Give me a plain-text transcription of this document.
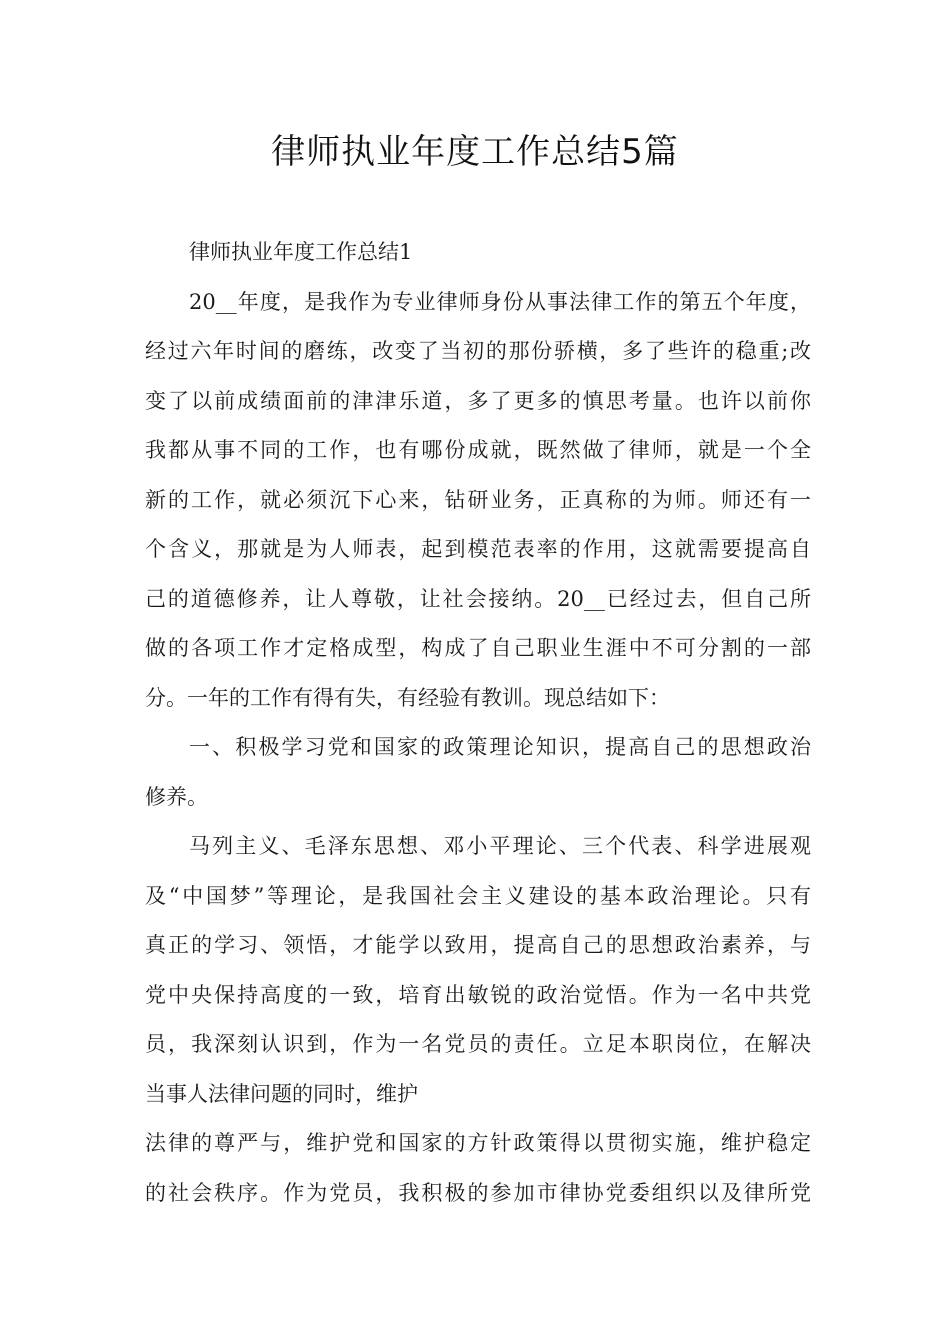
律师执业年度工作总结5篇
律师执业年度工作总结1
20__年度，是我作为专业律师身份从事法律工作的第五个年度，
经过六年时间的磨练，改变了当初的那份骄横，多了些许的稳重;改
变了以前成绩面前的津津乐道，多了更多的慎思考量。也许以前你
我都从事不同的工作，也有哪份成就，既然做了律师，就是一个全
新的工作，就必须沉下心来，钻研业务，正真称的为师。师还有一
个含义，那就是为人师表，起到模范表率的作用，这就需要提高自
己的道德修养，让人尊敬，让社会接纳。20__已经过去，但自己所
做的各项工作才定格成型，构成了自己职业生涯中不可分割的一部
分。一年的工作有得有失，有经验有教训。现总结如下：
一、积极学习党和国家的政策理论知识，提高自己的思想政治
修养。
马列主义、毛泽东思想、邓小平理论、三个代表、科学进展观
及“中国梦”等理论，是我国社会主义建设的基本政治理论。只有
真正的学习、领悟，才能学以致用，提高自己的思想政治素养，与
党中央保持高度的一致，培育出敏锐的政治觉悟。作为一名中共党
员，我深刻认识到，作为一名党员的责任。立足本职岗位，在解决
当事人法律问题的同时，维护
法律的尊严与，维护党和国家的方针政策得以贯彻实施，维护稳定
的社会秩序。作为党员，我积极的参加市律协党委组织以及律所党
